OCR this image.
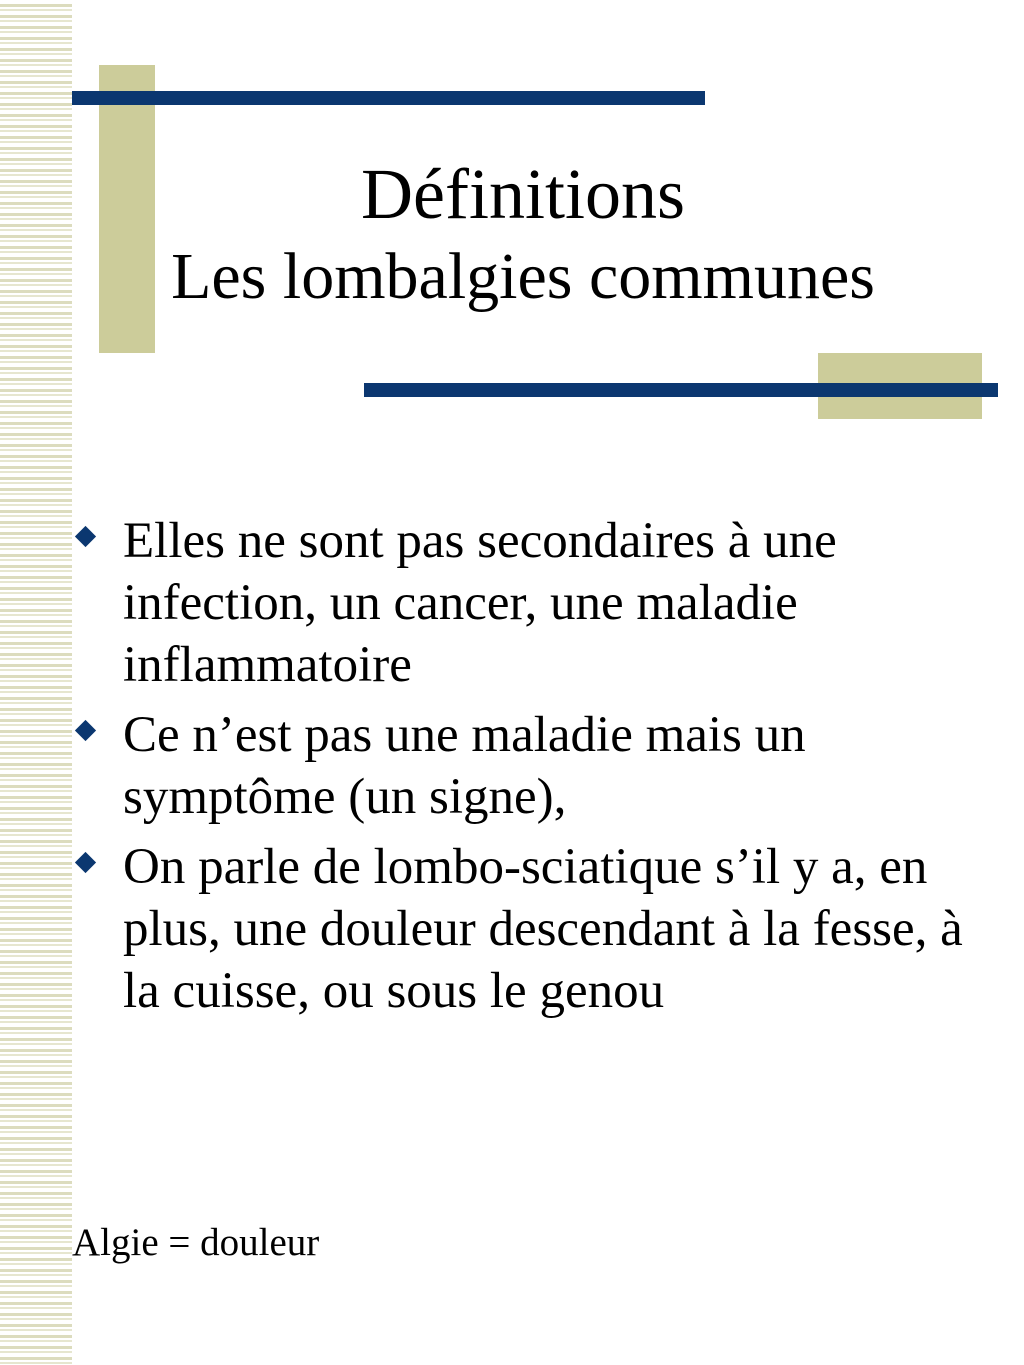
Définitions
Les lombalgies communes
Elles ne sont pas secondaires à une infection, un cancer, une maladie inflammatoire
Ce n’est pas une maladie mais un symptôme (un signe),
On parle de lombo-sciatique s’il y a, en plus, une douleur descendant à la fesse, à la cuisse, ou sous le genou

Algie = douleur
